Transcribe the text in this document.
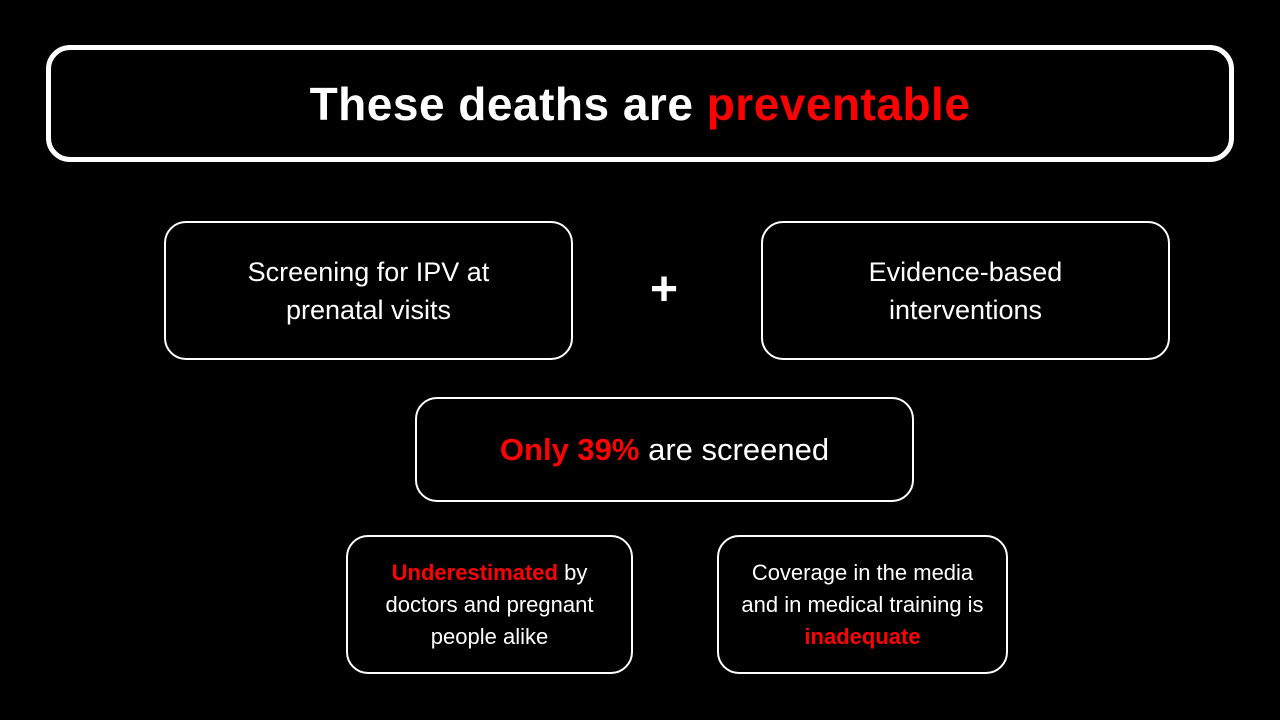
These deaths are preventable
Screening for IPV at prenatal visits	+	Evidence-based interventions
Only 39% are screened
Underestimated by doctors and pregnant people alike
Coverage in the media and in medical training is inadequate
